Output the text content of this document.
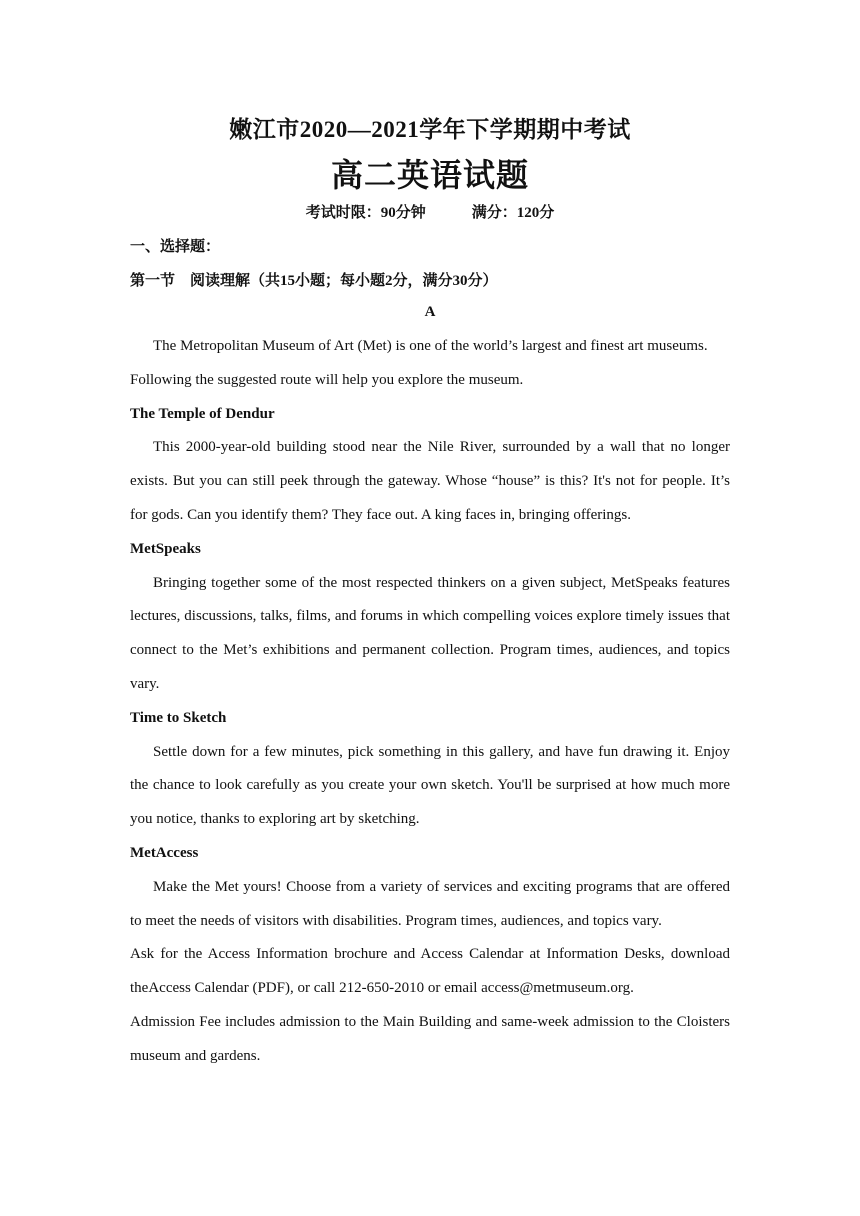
嫩江市2020—2021学年下学期期中考试
高二英语试题
考试时限：90分钟	满分：120分
一、选择题：
第一节　阅读理解（共15小题；每小题2分，满分30分）
A

The Metropolitan Museum of Art (Met) is one of the world’s largest and finest art museums.

Following the suggested route will help you explore the museum.

The Temple of Dendur

This 2000-year-old building stood near the Nile River, surrounded by a wall that no longer exists. But you can still peek through the gateway. Whose “house” is this? It's not for people. It’s for gods. Can you identify them? They face out. A king faces in, bringing offerings.

MetSpeaks

Bringing together some of the most respected thinkers on a given subject, MetSpeaks features lectures, discussions, talks, films, and forums in which compelling voices explore timely issues that connect to the Met’s exhibitions and permanent collection. Program times, audiences, and topics vary.

Time to Sketch

Settle down for a few minutes, pick something in this gallery, and have fun drawing it. Enjoy the chance to look carefully as you create your own sketch. You'll be surprised at how much more you notice, thanks to exploring art by sketching.

MetAccess

Make the Met yours! Choose from a variety of services and exciting programs that are offered to meet the needs of visitors with disabilities. Program times, audiences, and topics vary.

Ask for the Access Information brochure and Access Calendar at Information Desks, download theAccess Calendar (PDF), or call 212-650-2010 or email access@metmuseum.org.

Admission Fee includes admission to the Main Building and same-week admission to the Cloisters museum and gardens.
